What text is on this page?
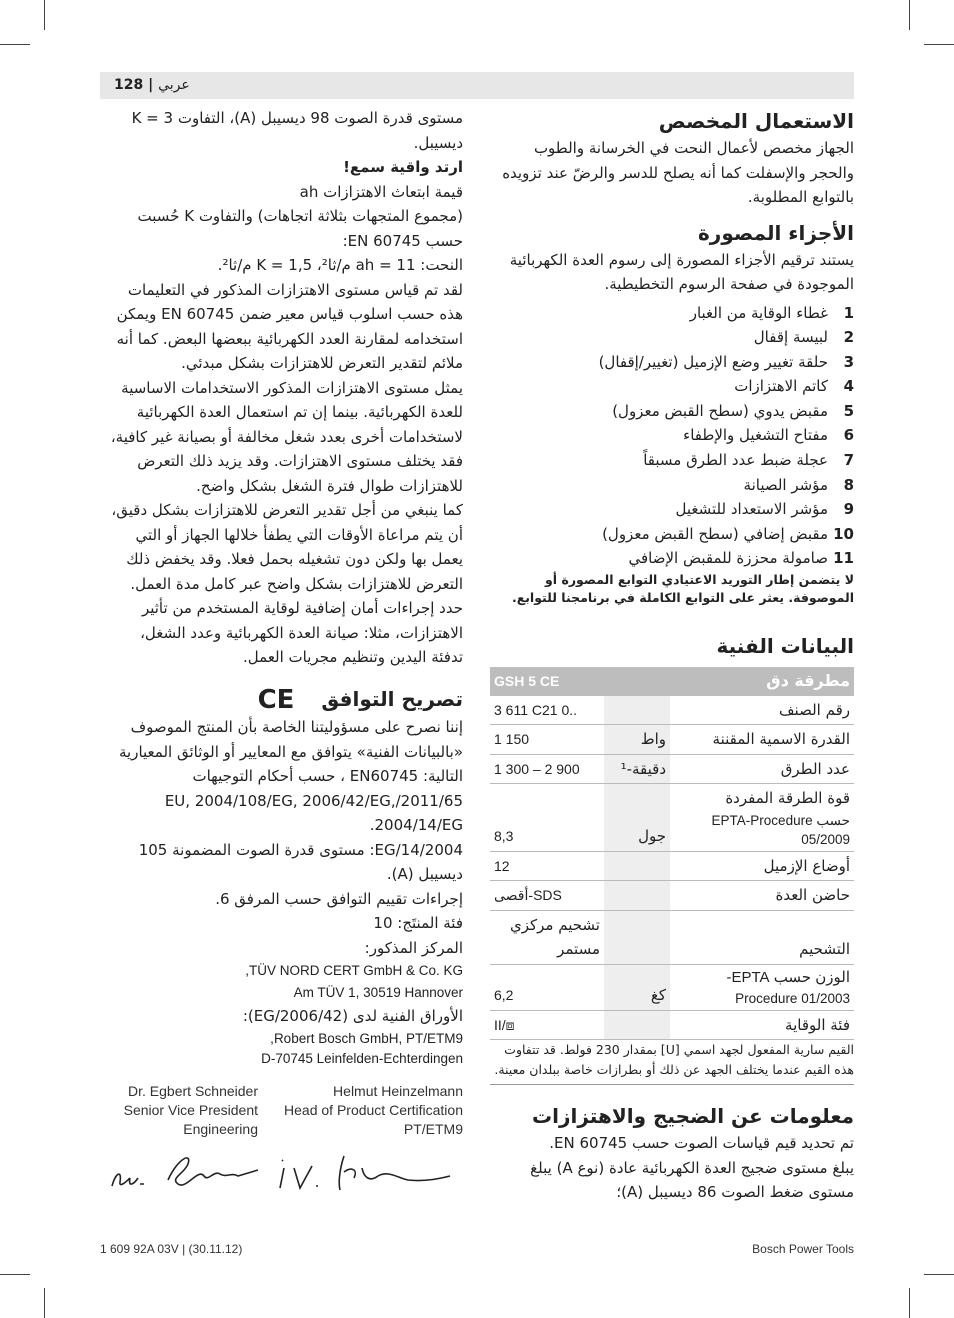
128 | عربي
الاستعمال المخصص

الجهاز مخصص لأعمال النحت في الخرسانة والطوب والحجر والإسفلت كما أنه يصلح للدسر والرضّ عند تزويده بالتوابع المطلوبة.

الأجزاء المصورة

يستند ترقيم الأجزاء المصورة إلى رسوم العدة الكهربائية الموجودة في صفحة الرسوم التخطيطية.

1
غطاء الوقاية من الغبار
2
لبيسة إقفال
3
حلقة تغيير وضع الإزميل (تغيير/إقفال)
4
كاتم الاهتزازات
5
مقبض يدوي (سطح القبض معزول)
6
مفتاح التشغيل والإطفاء
7
عجلة ضبط عدد الطرق مسبقاً
8
مؤشر الصيانة
9
مؤشر الاستعداد للتشغيل
10
مقبض إضافي (سطح القبض معزول)
11
صامولة محززة للمقبض الإضافي

لا يتضمن إطار التوريد الاعتيادي التوابع المصورة أو الموصوفة. يعثر على التوابع الكاملة في برنامجنا للتوابع.

البيانات الفنية
مطرقة دق		GSH 5 CE
رقم الصنف		3 611 C21 0..
القدرة الاسمية المقننة	واط	1 150
عدد الطرق	دقيقة-¹	1 300 – 2 900

قوة الطرقة المفردة
حسب EPTA-Procedure 05/2009	جول	8,3
أوضاع الإزميل		12
حاضن العدة		SDS-أقصى
التشحيم		تشحيم مركزي مستمر

الوزن حسب EPTA-
Procedure 01/2003	كغ	6,2
فئة الوقاية		II/⧈

القيم سارية المفعول لجهد اسمي [U] بمقدار 230 فولط. قد تتفاوت هذه القيم عندما يختلف الجهد عن ذلك أو بطرازات خاصة ببلدان معينة.

معلومات عن الضجيج والاهتزازات

تم تحديد قيم قياسات الصوت حسب EN 60745.

يبلغ مستوى ضجيج العدة الكهربائية عادة (نوع A) يبلغ مستوى ضغط الصوت 86 ديسيبل (A)؛

مستوى قدرة الصوت 98 ديسيبل (A)، التفاوت K = 3 ديسيبل.

ارتد واقية سمع!

قيمة ابتعاث الاهتزازات ah

(مجموع المتجهات بثلاثة اتجاهات) والتفاوت K حُسبت حسب EN 60745:

النحت: ah = 11 م/ثا²، K = 1,5 م/ثا².

لقد تم قياس مستوى الاهتزازات المذكور في التعليمات هذه حسب اسلوب قياس معير ضمن EN 60745 ويمكن استخدامه لمقارنة العدد الكهربائية ببعضها البعض. كما أنه ملائم لتقدير التعرض للاهتزازات بشكل مبدئي.

يمثل مستوى الاهتزازات المذكور الاستخدامات الاساسية للعدة الكهربائية. بينما إن تم استعمال العدة الكهربائية لاستخدامات أخرى بعدد شغل مخالفة أو بصيانة غير كافية، فقد يختلف مستوى الاهتزازات. وقد يزيد ذلك التعرض للاهتزازات طوال فترة الشغل بشكل واضح.

كما ينبغي من أجل تقدير التعرض للاهتزازات بشكل دقيق، أن يتم مراعاة الأوقات التي يطفأ خلالها الجهاز أو التي يعمل بها ولكن دون تشغيله بحمل فعلا. وقد يخفض ذلك التعرض للاهتزازات بشكل واضح عبر كامل مدة العمل.

حدد إجراءات أمان إضافية لوقاية المستخدم من تأثير الاهتزازات، مثلا: صيانة العدة الكهربائية وعدد الشغل، تدفئة اليدين وتنظيم مجريات العمل.

تصريح التوافق CE

إننا نصرح على مسؤوليتنا الخاصة بأن المنتج الموصوف «بالبيانات الفنية» يتوافق مع المعايير أو الوثائق المعيارية التالية: EN60745 ، حسب أحكام التوجيهات 2011/65/EU, 2004/108/EG, 2006/42/EG, 2004/14/EG.

EG/14/2004: مستوى قدرة الصوت المضمونة 105 ديسيبل (A).

إجراءات تقييم التوافق حسب المرفق 6.

فئة المنتَج: 10

المركز المذكور:

TÜV NORD CERT GmbH & Co. KG,

Am TÜV 1, 30519 Hannover

الأوراق الفنية لدى (2006/42/EG):

Robert Bosch GmbH, PT/ETM9,

D-70745 Leinfelden-Echterdingen

Dr. Egbert Schneider
Senior Vice President
Engineering
Helmut Heinzelmann
Head of Product Certification
PT/ETM9
1 609 92A 03V | (30.11.12)	Bosch Power Tools
